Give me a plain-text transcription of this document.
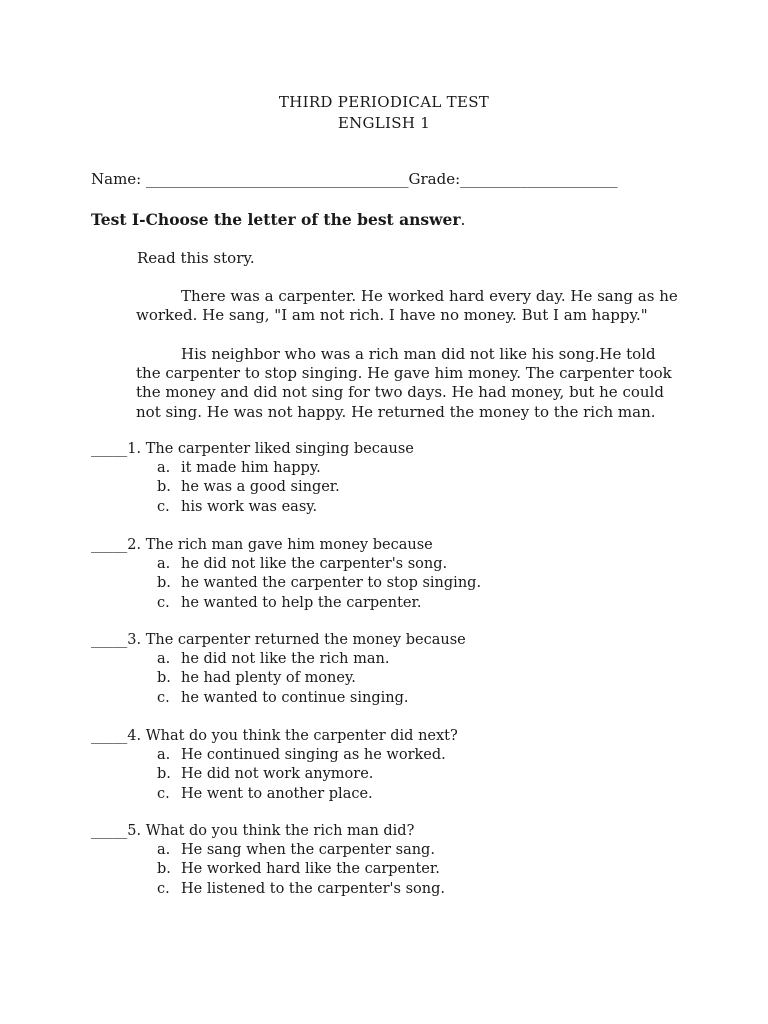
THIRD PERIODICAL TEST
ENGLISH 1
Name: ___________________________________Grade:_____________________
Test I-Choose the letter of the best answer.
Read this story.
There was a carpenter. He worked hard every day. He sang as he worked. He sang, "I am not rich. I have no money. But I am happy."
His neighbor who was a rich man did not like his song.He told the carpenter to stop singing. He gave him money. The carpenter took the money and did not sing for two days. He had money, but he could not sing. He was not happy. He returned the money to the rich man.
_____1. The carpenter liked singing because
a. it made him happy.
b. he was a good singer.
c. his work was easy.
_____2. The rich man gave him money because
a. he did not like the carpenter's song.
b. he wanted the carpenter to stop singing.
c. he wanted to help the carpenter.
_____3. The carpenter returned the money because
a. he did not like the rich man.
b. he had plenty of money.
c. he wanted to continue singing.
_____4. What do you think the carpenter did next?
a. He continued singing as he worked.
b. He did not work anymore.
c. He went to another place.
_____5. What do you think the rich man did?
a. He sang when the carpenter sang.
b. He worked hard like the carpenter.
c. He listened to the carpenter's song.
